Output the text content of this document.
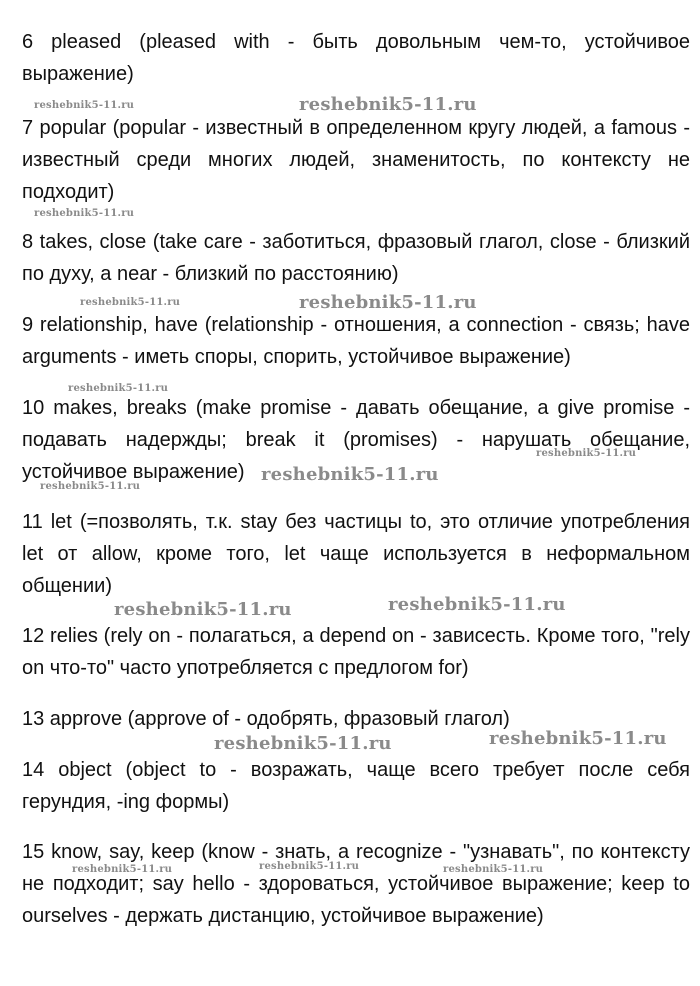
6 pleased (pleased with - быть довольным чем-то, устойчивое выражение)

7 popular (popular - известный в определенном кругу людей, a famous - известный среди многих людей, знаменитость, по контексту не подходит)

8 takes, close (take care - заботиться, фразовый глагол, close - близкий по духу, a near - близкий по расстоянию)

9 relationship, have (relationship - отношения, a connection - связь; have arguments - иметь споры, спорить, устойчивое выражение)

10 makes, breaks (make promise - давать обещание, a give promise - подавать надержды; break it (promises) - нарушать обещание, устойчивое выражение)

11 let (=позволять, т.к. stay без частицы to, это отличие употребления let от allow, кроме того, let чаще используется в неформальном общении)

12 relies (rely on - полагаться, a depend on - зависесть. Кроме того, "rely on что-то" часто употребляется с предлогом for)

13 approve (approve of - одобрять, фразовый глагол)

14 object (object to - возражать, чаще всего требует после себя герундия, -ing формы)

15 know, say, keep (know - знать, a recognize - "узнавать", по контексту не подходит; say hello - здороваться, устойчивое выражение; keep to ourselves - держать дистанцию, устойчивое выражение)

reshebnik5-11.ru	reshebnik5-11.ru
reshebnik5-11.ru
reshebnik5-11.ru	reshebnik5-11.ru
reshebnik5-11.ru
reshebnik5-11.ru
reshebnik5-11.ru
reshebnik5-11.ru
reshebnik5-11.ru	reshebnik5-11.ru
reshebnik5-11.ru	reshebnik5-11.ru
reshebnik5-11.ru	reshebnik5-11.ru	reshebnik5-11.ru
